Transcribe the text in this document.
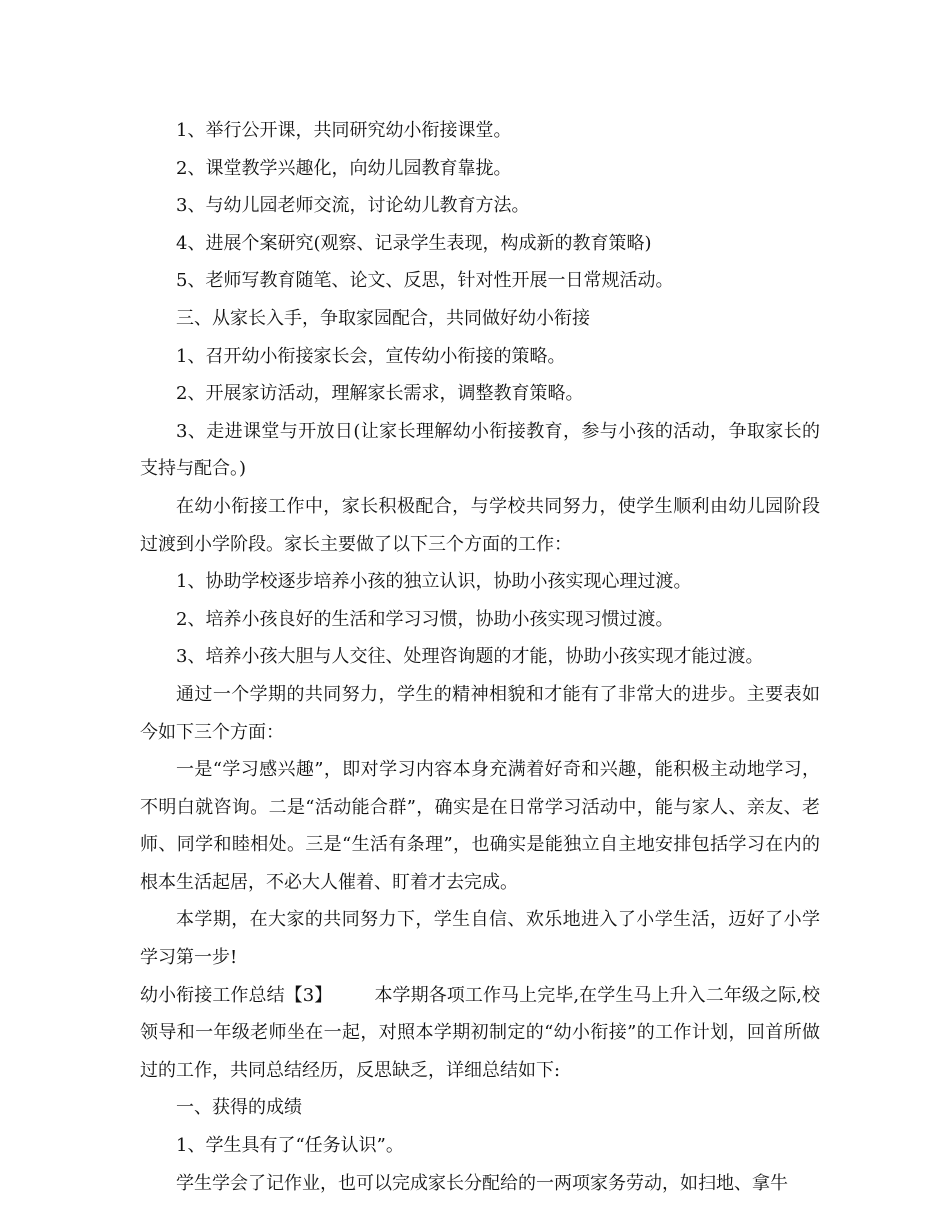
1、举行公开课，共同研究幼小衔接课堂。

2、课堂教学兴趣化，向幼儿园教育靠拢。

3、与幼儿园老师交流，讨论幼儿教育方法。

4、进展个案研究(观察、记录学生表现，构成新的教育策略)

5、老师写教育随笔、论文、反思，针对性开展一日常规活动。

三、从家长入手，争取家园配合，共同做好幼小衔接

1、召开幼小衔接家长会，宣传幼小衔接的策略。

2、开展家访活动，理解家长需求，调整教育策略。

3、走进课堂与开放日(让家长理解幼小衔接教育，参与小孩的活动，争取家长的支持与配合。)

在幼小衔接工作中，家长积极配合，与学校共同努力，使学生顺利由幼儿园阶段过渡到小学阶段。家长主要做了以下三个方面的工作：

1、协助学校逐步培养小孩的独立认识，协助小孩实现心理过渡。

2、培养小孩良好的生活和学习习惯，协助小孩实现习惯过渡。

3、培养小孩大胆与人交往、处理咨询题的才能，协助小孩实现才能过渡。

通过一个学期的共同努力，学生的精神相貌和才能有了非常大的进步。主要表如今如下三个方面：

一是“学习感兴趣”，即对学习内容本身充满着好奇和兴趣，能积极主动地学习，不明白就咨询。二是“活动能合群”，确实是在日常学习活动中，能与家人、亲友、老师、同学和睦相处。三是“生活有条理”，也确实是能独立自主地安排包括学习在内的根本生活起居，不必大人催着、盯着才去完成。

本学期，在大家的共同努力下，学生自信、欢乐地进入了小学生活，迈好了小学学习第一步!

幼小衔接工作总结【3】 本学期各项工作马上完毕,在学生马上升入二年级之际,校领导和一年级老师坐在一起，对照本学期初制定的“幼小衔接”的工作计划，回首所做过的工作，共同总结经历，反思缺乏，详细总结如下:

一、获得的成绩

1、学生具有了“任务认识”。

学生学会了记作业，也可以完成家长分配给的一两项家务劳动，如扫地、拿牛
